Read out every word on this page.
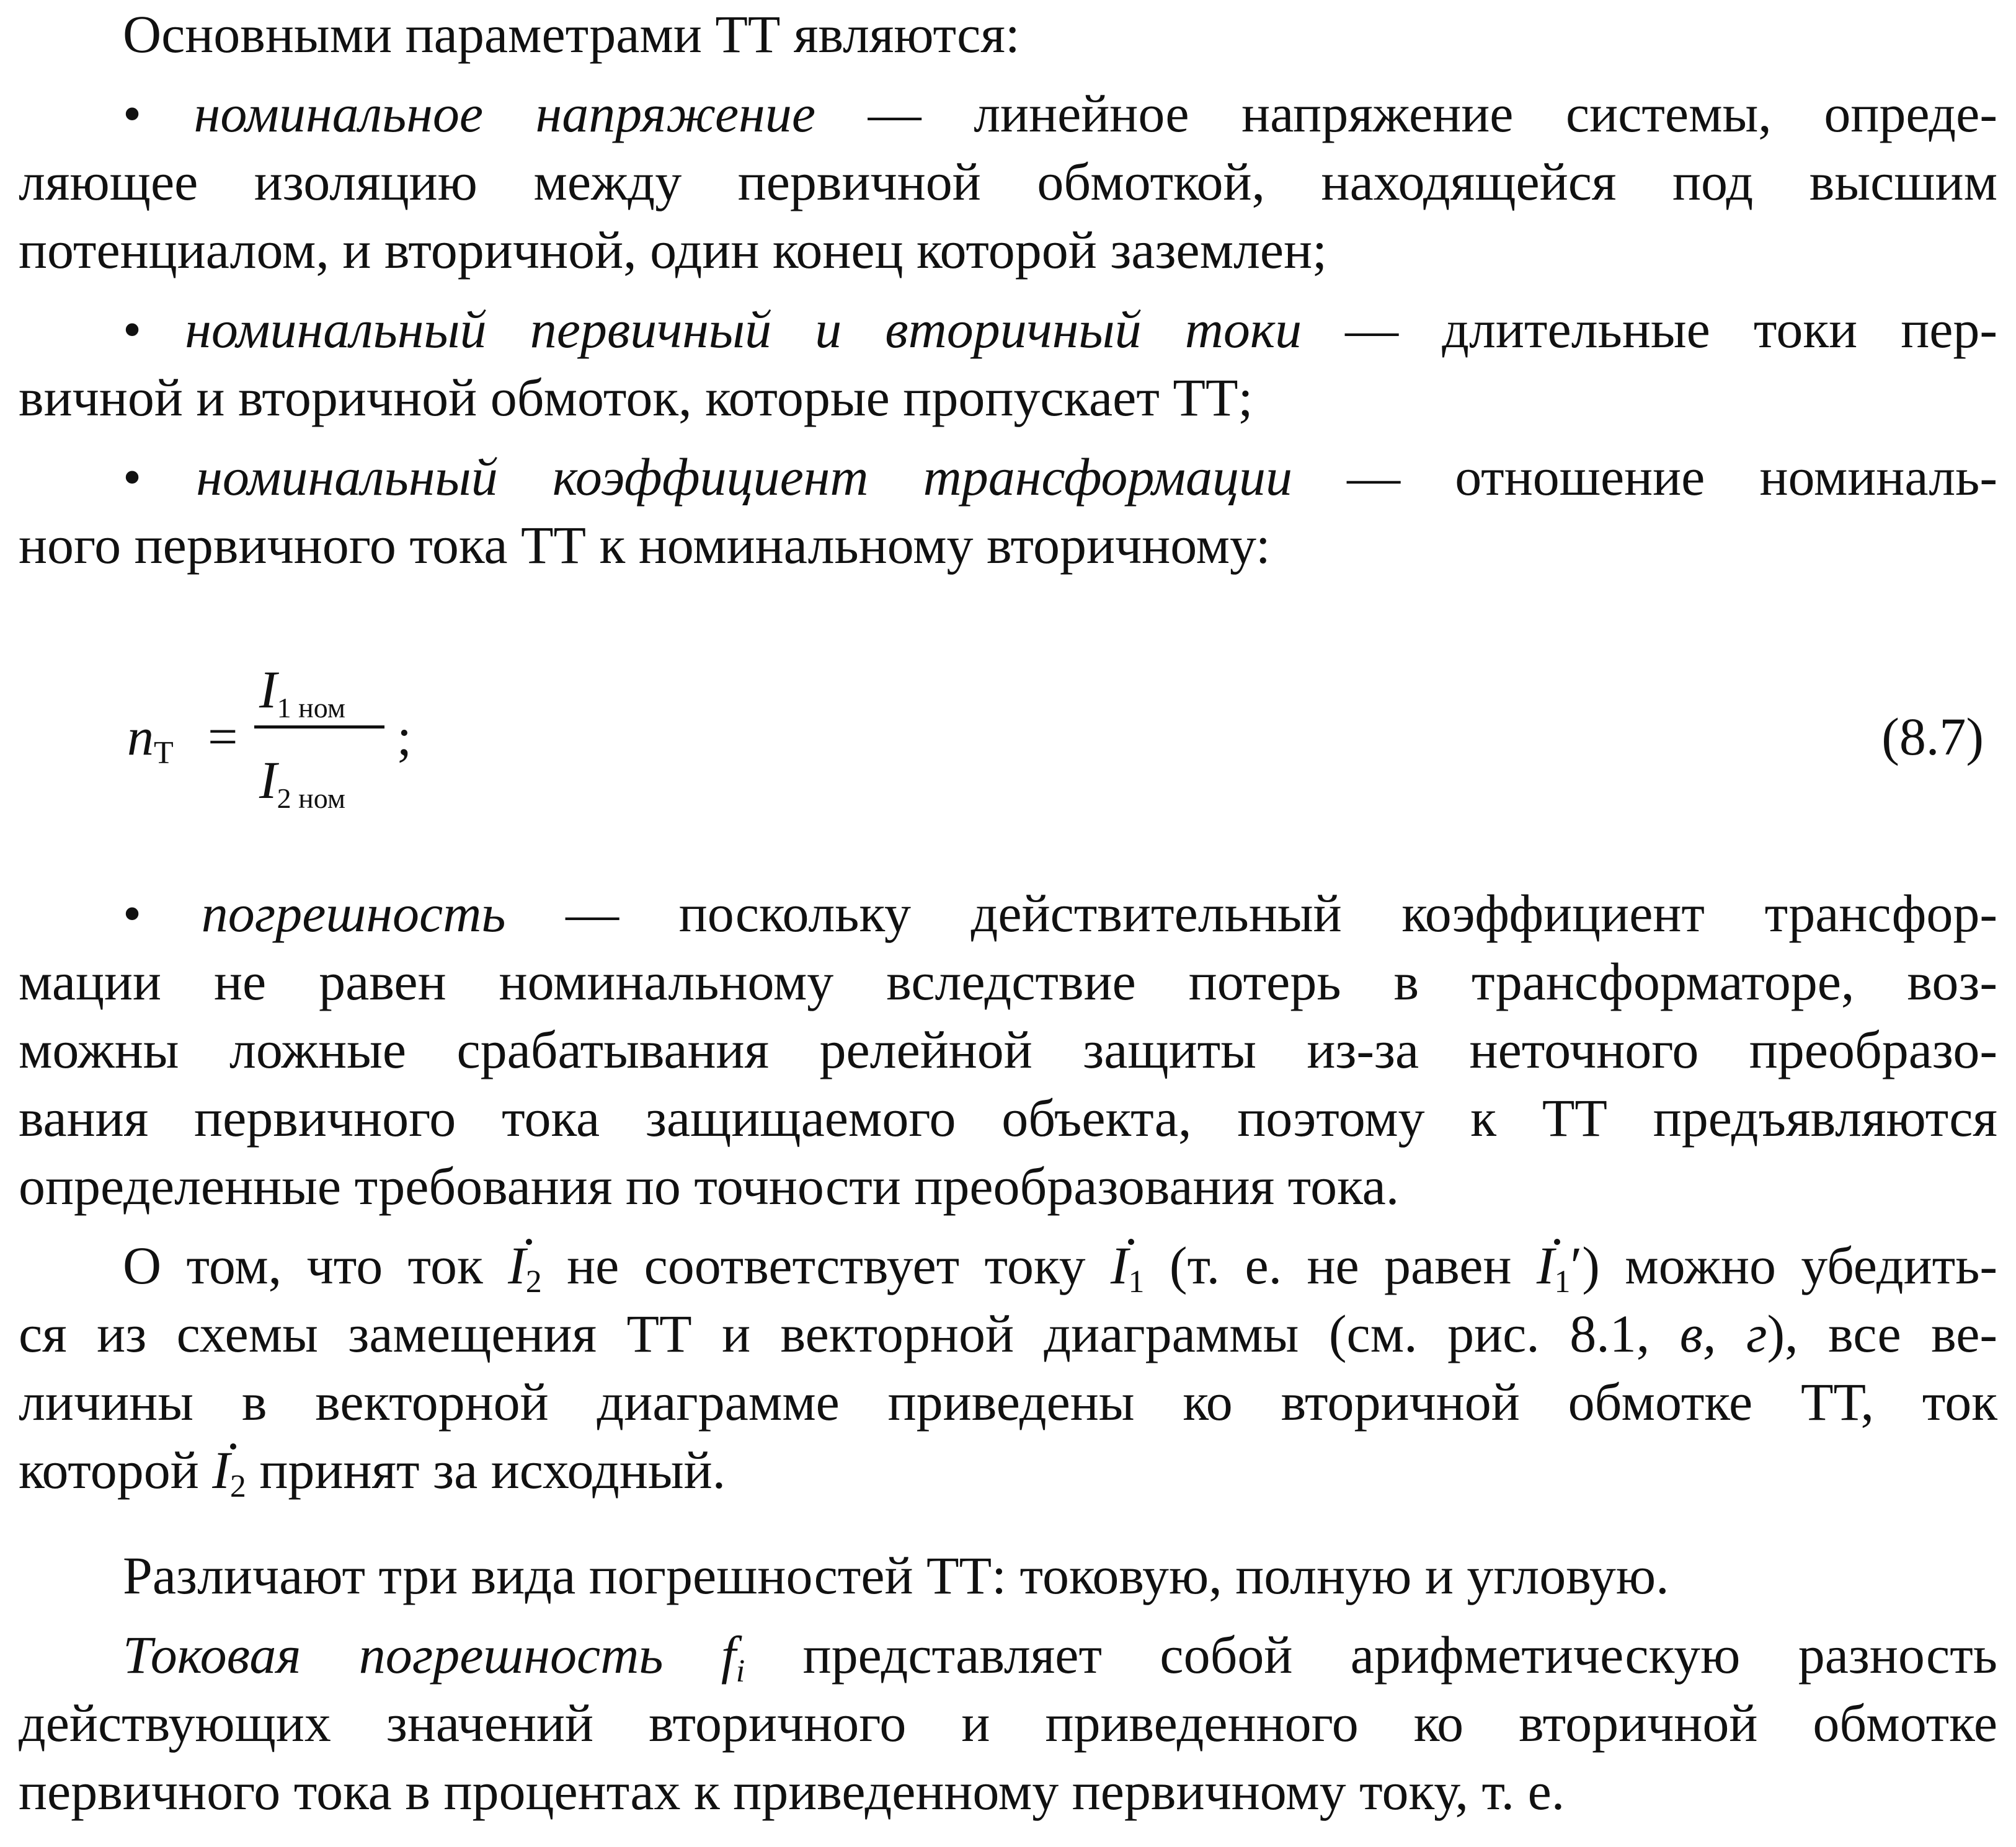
Основными параметрами ТТ являются:
• номинальное напряжение — линейное напряжение системы, опреде-
ляющее изоляцию между первичной обмоткой, находящейся под высшим
потенциалом, и вторичной, один конец которой заземлен;
• номинальный первичный и вторичный токи — длительные токи пер-
вичной и вторичной обмоток, которые пропускает ТТ;
• номинальный коэффициент трансформации — отношение номиналь-
ного первичного тока ТТ к номинальному вторичному:
$n_Т$ =
$I_{1 ном}$
$I_{2 ном}$
;	(8.7)
• погрешность — поскольку действительный коэффициент трансфор-
мации не равен номинальному вследствие потерь в трансформаторе, воз-
можны ложные срабатывания релейной защиты из-за неточного преобразо-
вания первичного тока защищаемого объекта, поэтому к ТТ предъявляются
определенные требования по точности преобразования тока.
О том, что ток $I_2$ не соответствует току $I_1$ (т. е. не равен $I_1'$) можно убедить-
ся из схемы замещения ТТ и векторной диаграммы (см. рис. 8.1, в, г), все ве-
личины в векторной диаграмме приведены ко вторичной обмотке ТТ, ток
которой $I_2$ принят за исходный.
Различают три вида погрешностей ТТ: токовую, полную и угловую.
Токовая погрешность $f_i$ представляет собой арифметическую разность
действующих значений вторичного и приведенного ко вторичной обмотке
первичного тока в процентах к приведенному первичному току, т. е.
